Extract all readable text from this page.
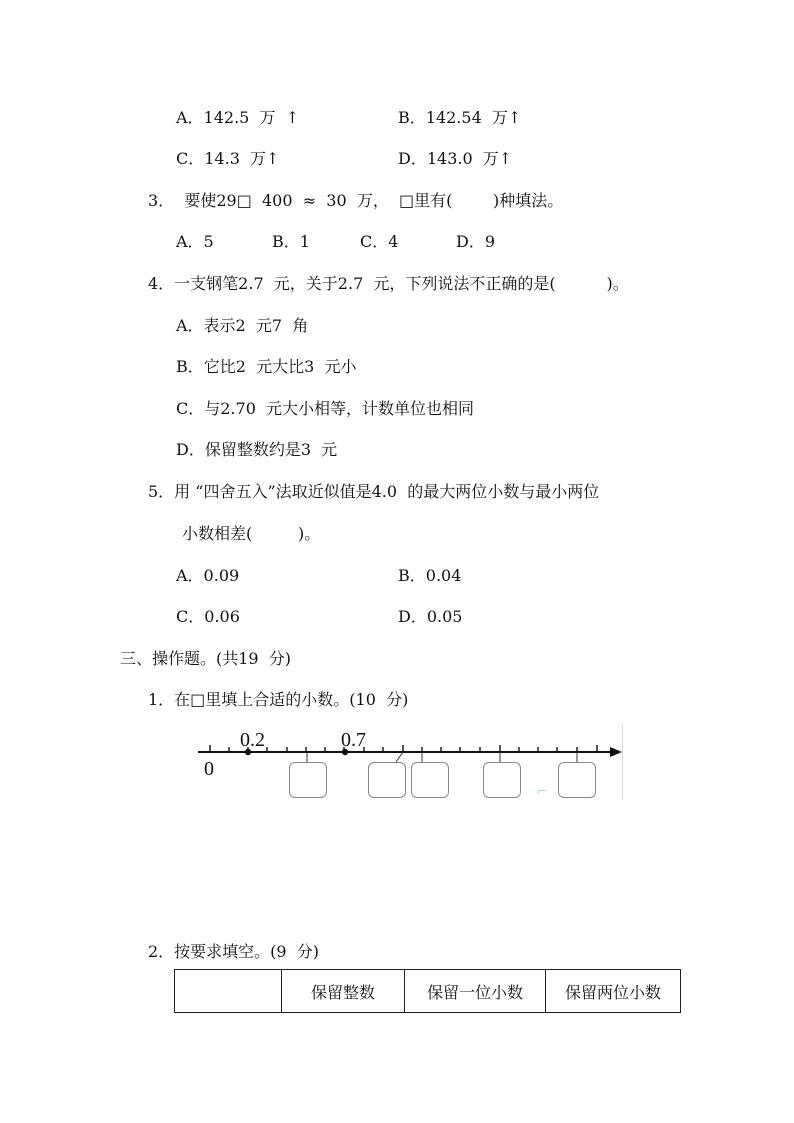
A．142.5  万  ↑	B．142.54  万↑
C．14.3  万↑	D．143.0  万↑
3．  要使29□  400  ≈  30  万，  □里有(        )种填法。
A．5	B．1	C．4	D．9
4．一支钢笔2.7  元，关于2.7  元，下列说法不正确的是(          )。
A．表示2  元7  角
B．它比2  元大比3  元小
C．与2.70  元大小相等，计数单位也相同
D．保留整数约是3  元
5．用 “四舍五入”法取近似值是4.0  的最大两位小数与最小两位
小数相差(         )。
A．0.09	B．0.04
C．0.06	D．0.05
三、操作题。(共19  分)
1．在□里填上合适的小数。(10  分)
0
0.2	0.7
⌐
2．按要求填空。(9  分)
	保留整数	保留一位小数	保留两位小数
